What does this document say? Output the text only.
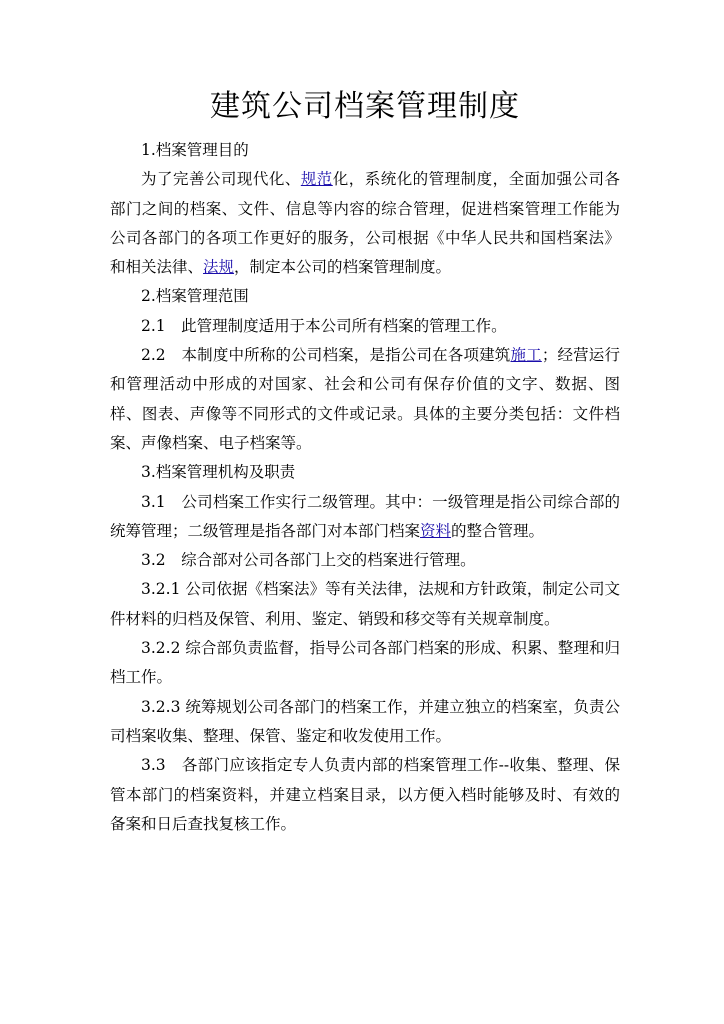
建筑公司档案管理制度

1.档案管理目的

为了完善公司现代化、规范化，系统化的管理制度，全面加强公司各部门之间的档案、文件、信息等内容的综合管理，促进档案管理工作能为公司各部门的各项工作更好的服务，公司根据《中华人民共和国档案法》和相关法律、法规，制定本公司的档案管理制度。

2.档案管理范围

2.1　此管理制度适用于本公司所有档案的管理工作。

2.2　本制度中所称的公司档案，是指公司在各项建筑施工；经营运行和管理活动中形成的对国家、社会和公司有保存价值的文字、数据、图样、图表、声像等不同形式的文件或记录。具体的主要分类包括：文件档案、声像档案、电子档案等。

3.档案管理机构及职责

3.1　公司档案工作实行二级管理。其中：一级管理是指公司综合部的统筹管理；二级管理是指各部门对本部门档案资料的整合管理。

3.2　综合部对公司各部门上交的档案进行管理。

3.2.1 公司依据《档案法》等有关法律，法规和方针政策，制定公司文件材料的归档及保管、利用、鉴定、销毁和移交等有关规章制度。

3.2.2 综合部负责监督，指导公司各部门档案的形成、积累、整理和归档工作。

3.2.3 统筹规划公司各部门的档案工作，并建立独立的档案室，负责公司档案收集、整理、保管、鉴定和收发使用工作。

3.3　各部门应该指定专人负责内部的档案管理工作--收集、整理、保管本部门的档案资料，并建立档案目录，以方便入档时能够及时、有效的备案和日后查找复核工作。
